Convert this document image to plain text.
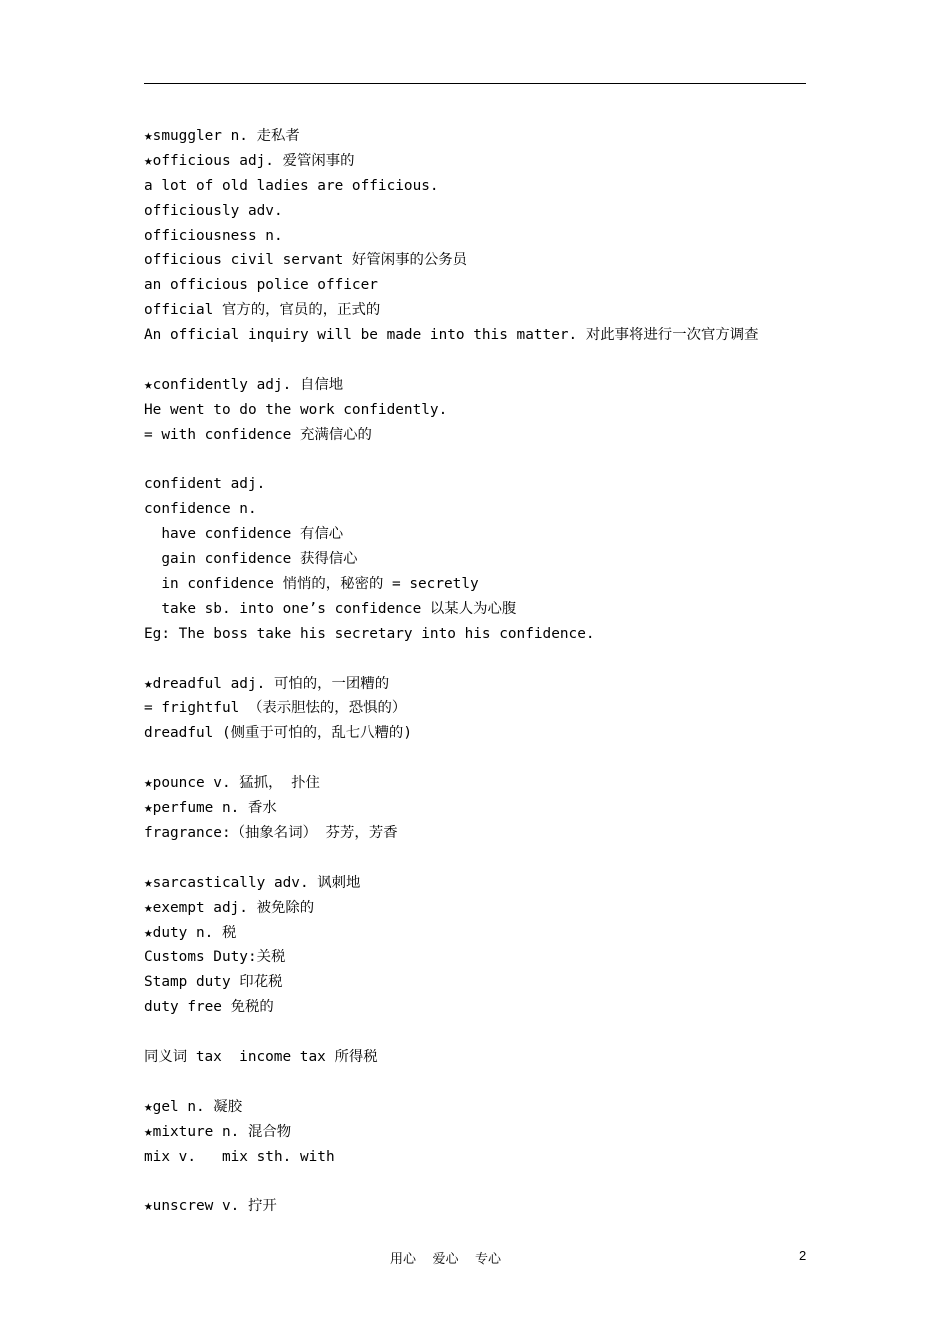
★smuggler n. 走私者
★officious adj. 爱管闲事的
a lot of old ladies are officious.
officiously adv.
officiousness n.
officious civil servant 好管闲事的公务员
an officious police officer
official 官方的，官员的，正式的
An official inquiry will be made into this matter. 对此事将进行一次官方调查
★confidently adj. 自信地
He went to do the work confidently.
= with confidence 充满信心的
confident adj.
confidence n.
have confidence 有信心
gain confidence 获得信心
in confidence 悄悄的，秘密的 = secretly
take sb. into one’s confidence 以某人为心腹
Eg: The boss take his secretary into his confidence.
★dreadful adj. 可怕的，一团糟的
= frightful （表示胆怯的，恐惧的）
dreadful (侧重于可怕的，乱七八糟的)
★pounce v. 猛抓， 扑住
★perfume n. 香水
fragrance:（抽象名词） 芬芳，芳香
★sarcastically adv. 讽刺地
★exempt adj. 被免除的
★duty n. 税
Customs Duty:关税
Stamp duty 印花税
duty free 免税的
同义词 tax  income tax 所得税
★gel n. 凝胶
★mixture n. 混合物
mix v.   mix sth. with
★unscrew v. 拧开
用心    爱心    专心	2
